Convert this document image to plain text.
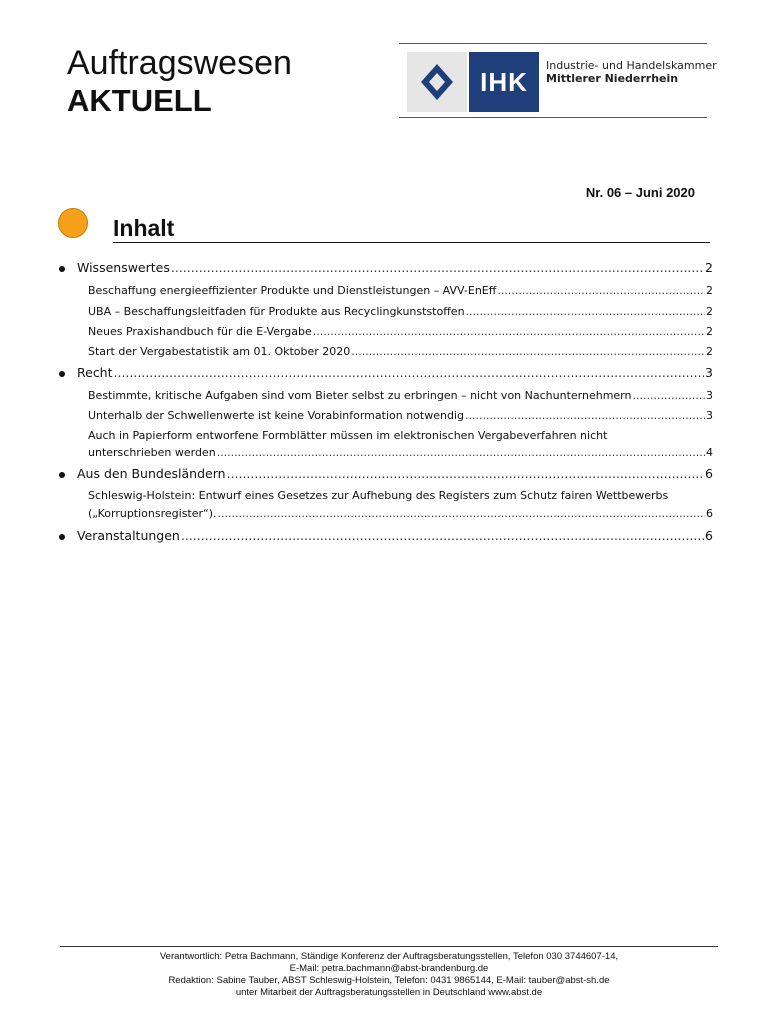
Auftragswesen
AKTUELL
IHK
Industrie- und Handelskammer
Mittlerer Niederrhein
Nr. 06 – Juni 2020
Inhalt
Wissenswertes .....	2
Beschaffung energieeffizienter Produkte und Dienstleistungen – AVV-EnEff .....	2
UBA – Beschaffungsleitfaden für Produkte aus Recyclingkunststoffen .....	2
Neues Praxishandbuch für die E-Vergabe .....	2
Start der Vergabestatistik am 01. Oktober 2020 .....	2
Recht .....	3
Bestimmte, kritische Aufgaben sind vom Bieter selbst zu erbringen – nicht von Nachunternehmern .....	3
Unterhalb der Schwellenwerte ist keine Vorabinformation notwendig .....	3
Auch in Papierform entworfene Formblätter müssen im elektronischen Vergabeverfahren nicht
unterschrieben werden .....	4
Aus den Bundesländern .....	6
Schleswig-Holstein: Entwurf eines Gesetzes zur Aufhebung des Registers zum Schutz fairen Wettbewerbs
(„Korruptionsregister“). .....	6
Veranstaltungen .....	6
Verantwortlich: Petra Bachmann, Ständige Konferenz der Auftragsberatungsstellen, Telefon 030 3744607-14,
E-Mail: petra.bachmann@abst-brandenburg.de
Redaktion: Sabine Tauber, ABST Schleswig-Holstein, Telefon: 0431 9865144, E-Mail: tauber@abst-sh.de
unter Mitarbeit der Auftragsberatungsstellen in Deutschland www.abst.de
